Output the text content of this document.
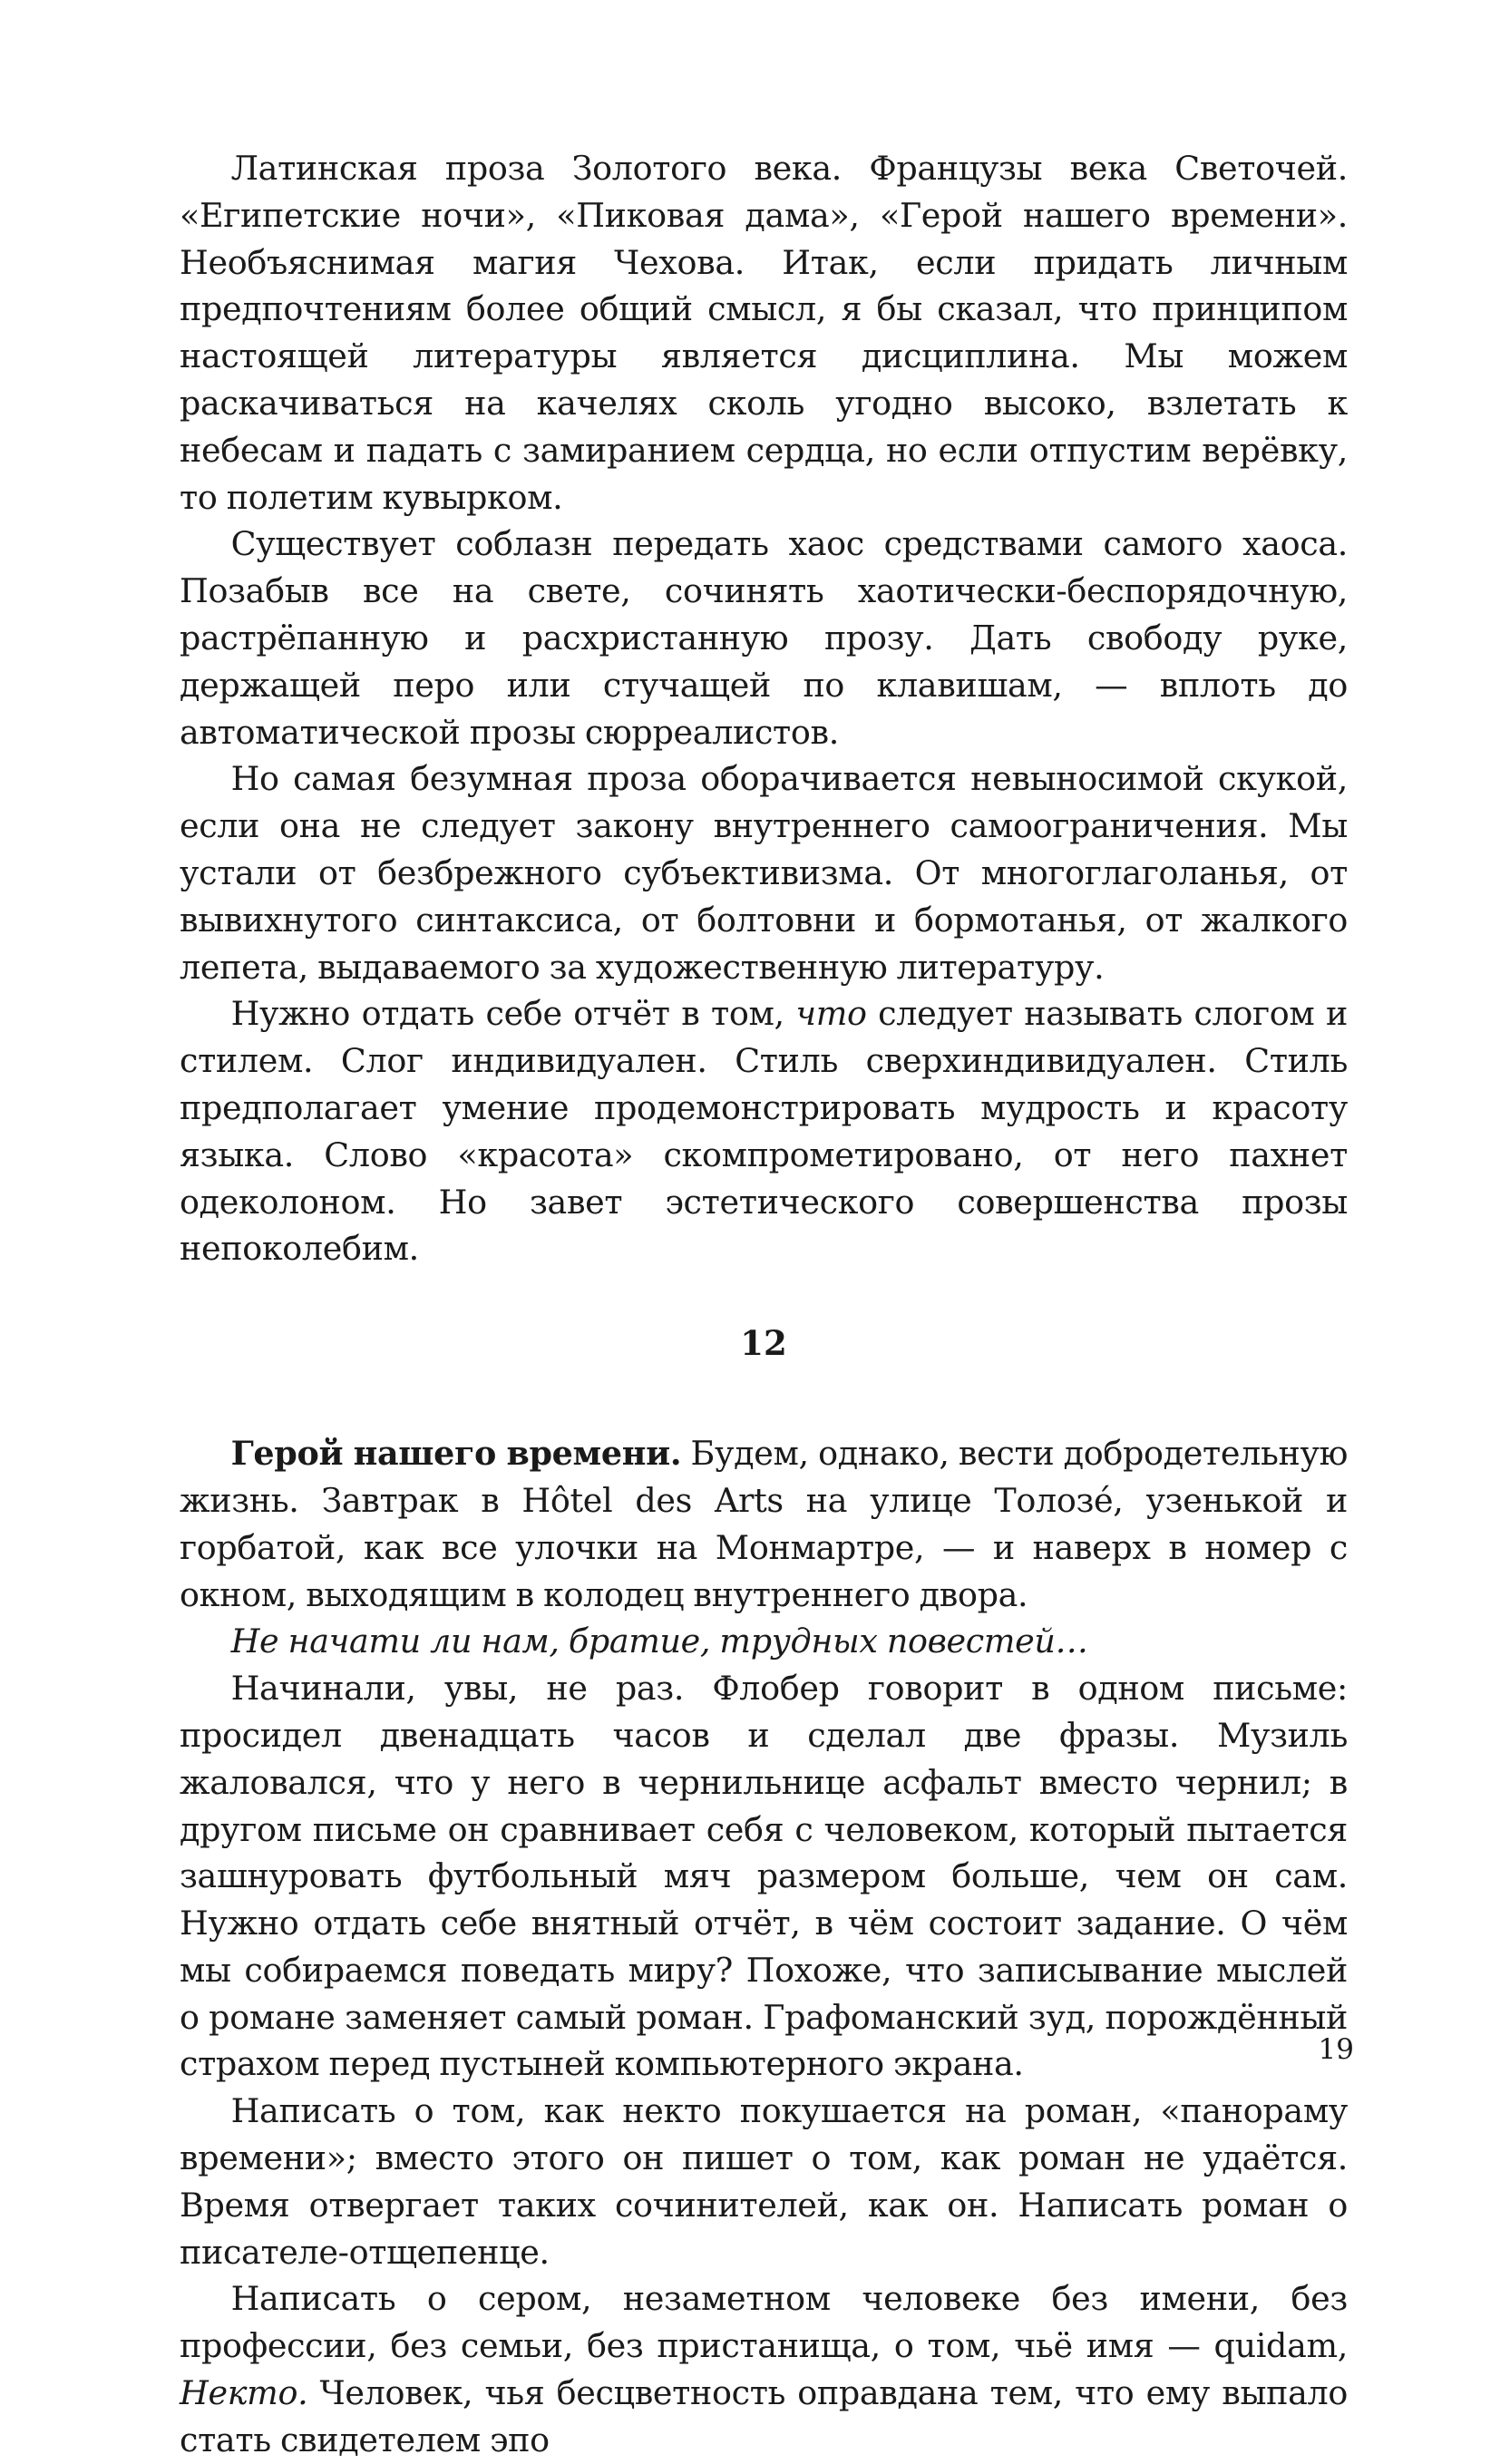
Латинская проза Золотого века. Французы века Светочей. «Египетские ночи», «Пиковая дама», «Герой нашего времени». Необъяснимая магия Чехова. Итак, если придать личным предпочтениям более общий смысл, я бы сказал, что принципом настоящей литературы является дисциплина. Мы можем раскачиваться на качелях сколь угодно высоко, взлетать к небесам и падать с замиранием сердца, но если отпустим верёвку, то полетим кувырком.

Существует соблазн передать хаос средствами самого хаоса. Позабыв все на свете, сочинять хаотически-беспорядочную, растрёпанную и расхристанную прозу. Дать свободу руке, держащей перо или стучащей по клавишам, — вплоть до автоматической прозы сюрреалистов.

Но самая безумная проза оборачивается невыносимой скукой, если она не следует закону внутреннего самоограничения. Мы устали от безбрежного субъективизма. От многоглаголанья, от вывихнутого синтаксиса, от болтовни и бормотанья, от жалкого лепета, выдаваемого за художественную литературу.

Нужно отдать себе отчёт в том, что следует называть слогом и стилем. Слог индивидуален. Стиль сверхиндивидуален. Стиль предполагает умение продемонстрировать мудрость и красоту языка. Слово «красота» скомпрометировано, от него пахнет одеколоном. Но завет эстетического совершенства прозы непоколебим.

12

Герой нашего времени. Будем, однако, вести добродетельную жизнь. Завтрак в Hôtel des Arts на улице Толозé, узенькой и горбатой, как все улочки на Монмартре, — и наверх в номер с окном, выходящим в колодец внутреннего двора.

Не начати ли нам, братие, трудных повестей…

Начинали, увы, не раз. Флобер говорит в одном письме: просидел двенадцать часов и сделал две фразы. Музиль жаловался, что у него в чернильнице асфальт вместо чернил; в другом письме он сравнивает себя с человеком, который пытается зашнуровать футбольный мяч размером больше, чем он сам. Нужно отдать себе внятный отчёт, в чём состоит задание. О чём мы собираемся поведать миру? Похоже, что записывание мыслей о романе заменяет самый роман. Графоманский зуд, порождённый страхом перед пустыней компьютерного экрана.

Написать о том, как некто покушается на роман, «панораму времени»; вместо этого он пишет о том, как роман не удаётся. Время отвергает таких сочинителей, как он. Написать роман о писателе-отщепенце.

Написать о сером, незаметном человеке без имени, без профессии, без семьи, без пристанища, о том, чьё имя — quidam, Некто. Человек, чья бесцветность оправдана тем, что ему выпало стать свидетелем эпо

19
